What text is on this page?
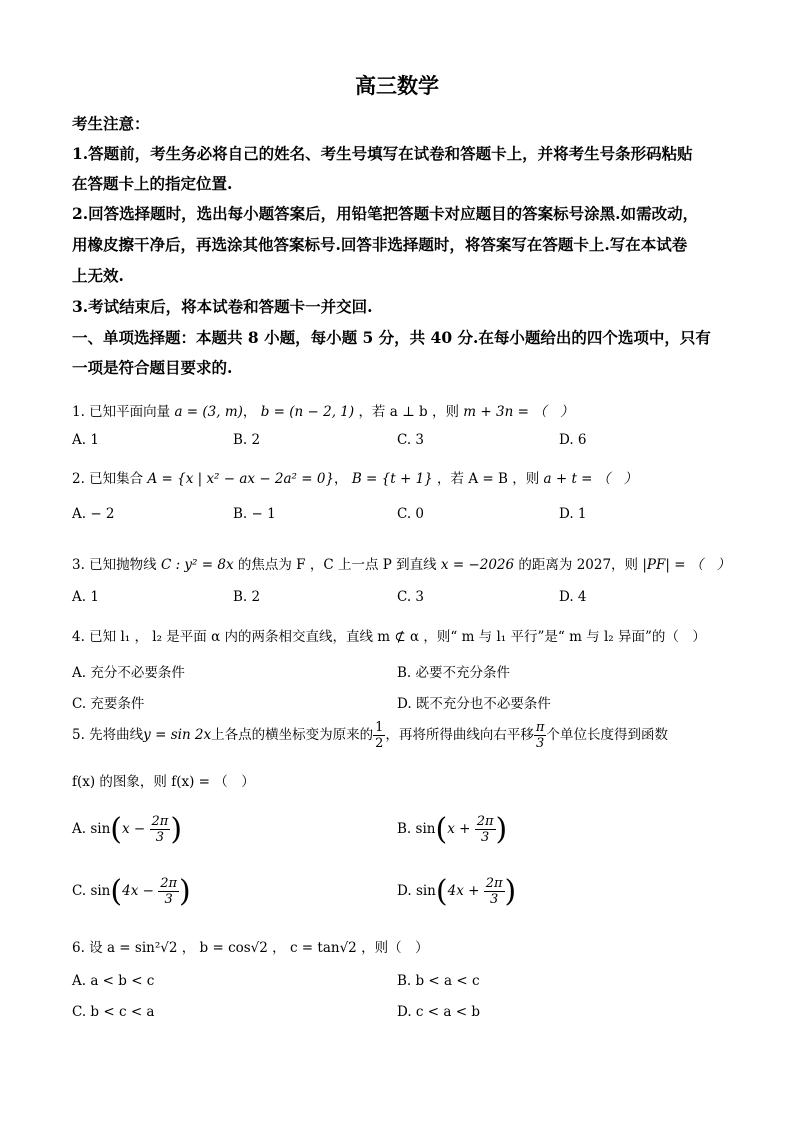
高三数学
考生注意：
1.答题前，考生务必将自己的姓名、考生号填写在试卷和答题卡上，并将考生号条形码粘贴
在答题卡上的指定位置.
2.回答选择题时，选出每小题答案后，用铅笔把答题卡对应题目的答案标号涂黑.如需改动，
用橡皮擦干净后，再选涂其他答案标号.回答非选择题时，将答案写在答题卡上.写在本试卷
上无效.
3.考试结束后，将本试卷和答题卡一并交回.
一、单项选择题：本题共 8 小题，每小题 5 分，共 40 分.在每小题给出的四个选项中，只有
一项是符合题目要求的.
1. 已知平面向量 a = (3, m)， b = (n − 2, 1) ，若 a ⊥ b ，则 m + 3n = （　）
A. 1	B. 2	C. 3	D. 6
2. 已知集合 A = {x | x² − ax − 2a² = 0}， B = {t + 1} ，若 A = B ，则 a + t = （　）
A. − 2	B. − 1	C. 0	D. 1
3. 已知抛物线 C : y² = 8x 的焦点为 F ，C 上一点 P 到直线 x = −2026 的距离为 2027，则 |PF| = （　）
A. 1	B. 2	C. 3	D. 4
4. 已知 l₁ ， l₂ 是平面 α 内的两条相交直线，直线 m ⊄ α ，则“ m 与 l₁ 平行”是“ m 与 l₂ 异面”的（　）
A. 充分不必要条件	B. 必要不充分条件
C. 充要条件	D. 既不充分也不必要条件
5. 先将曲线y = sin 2x上各点的横坐标变为原来的 $\frac{1}{2}$ ，再将所得曲线向右平移 $\frac{\pi}{3}$ 个单位长度得到函数
f(x) 的图象，则 f(x) = （　）
A. $\sin(x - \frac{2\pi}{3}$ )	B. $\sin(x + \frac{2\pi}{3}$ )
C. $\sin(4x - \frac{2\pi}{3}$ )	D. $\sin(4x + \frac{2\pi}{3}$ )
6. 设 a = sin²√2 ， b = cos√2 ， c = tan√2 ，则（　）
A. a < b < c	B. b < a < c
C. b < c < a	D. c < a < b
